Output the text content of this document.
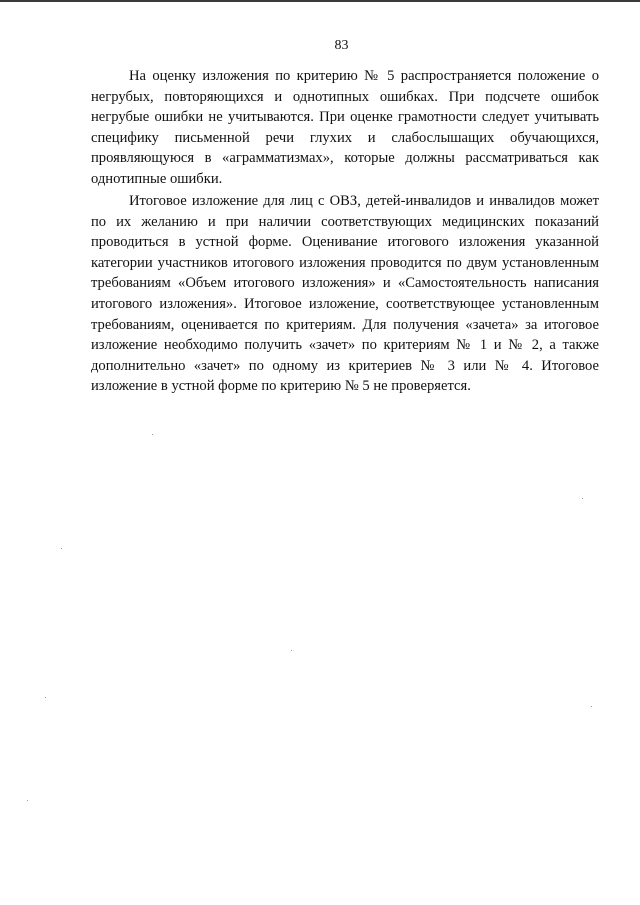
83

На оценку изложения по критерию № 5 распространяется положение о негрубых, повторяющихся и однотипных ошибках. При подсчете ошибок негрубые ошибки не учитываются. При оценке грамотности следует учитывать специфику письменной речи глухих и слабослышащих обучающихся, проявляющуюся в «аграмматизмах», которые должны рассматриваться как однотипные ошибки.

Итоговое изложение для лиц с ОВЗ, детей-инвалидов и инвалидов может по их желанию и при наличии соответствующих медицинских показаний проводиться в устной форме. Оценивание итогового изложения указанной категории участников итогового изложения проводится по двум установленным требованиям «Объем итогового изложения» и «Самостоятельность написания итогового изложения». Итоговое изложение, соответствующее установленным требованиям, оценивается по критериям. Для получения «зачета» за итоговое изложение необходимо получить «зачет» по критериям № 1 и № 2, а также дополнительно «зачет» по одному из критериев № 3 или № 4. Итоговое изложение в устной форме по критерию № 5 не проверяется.
